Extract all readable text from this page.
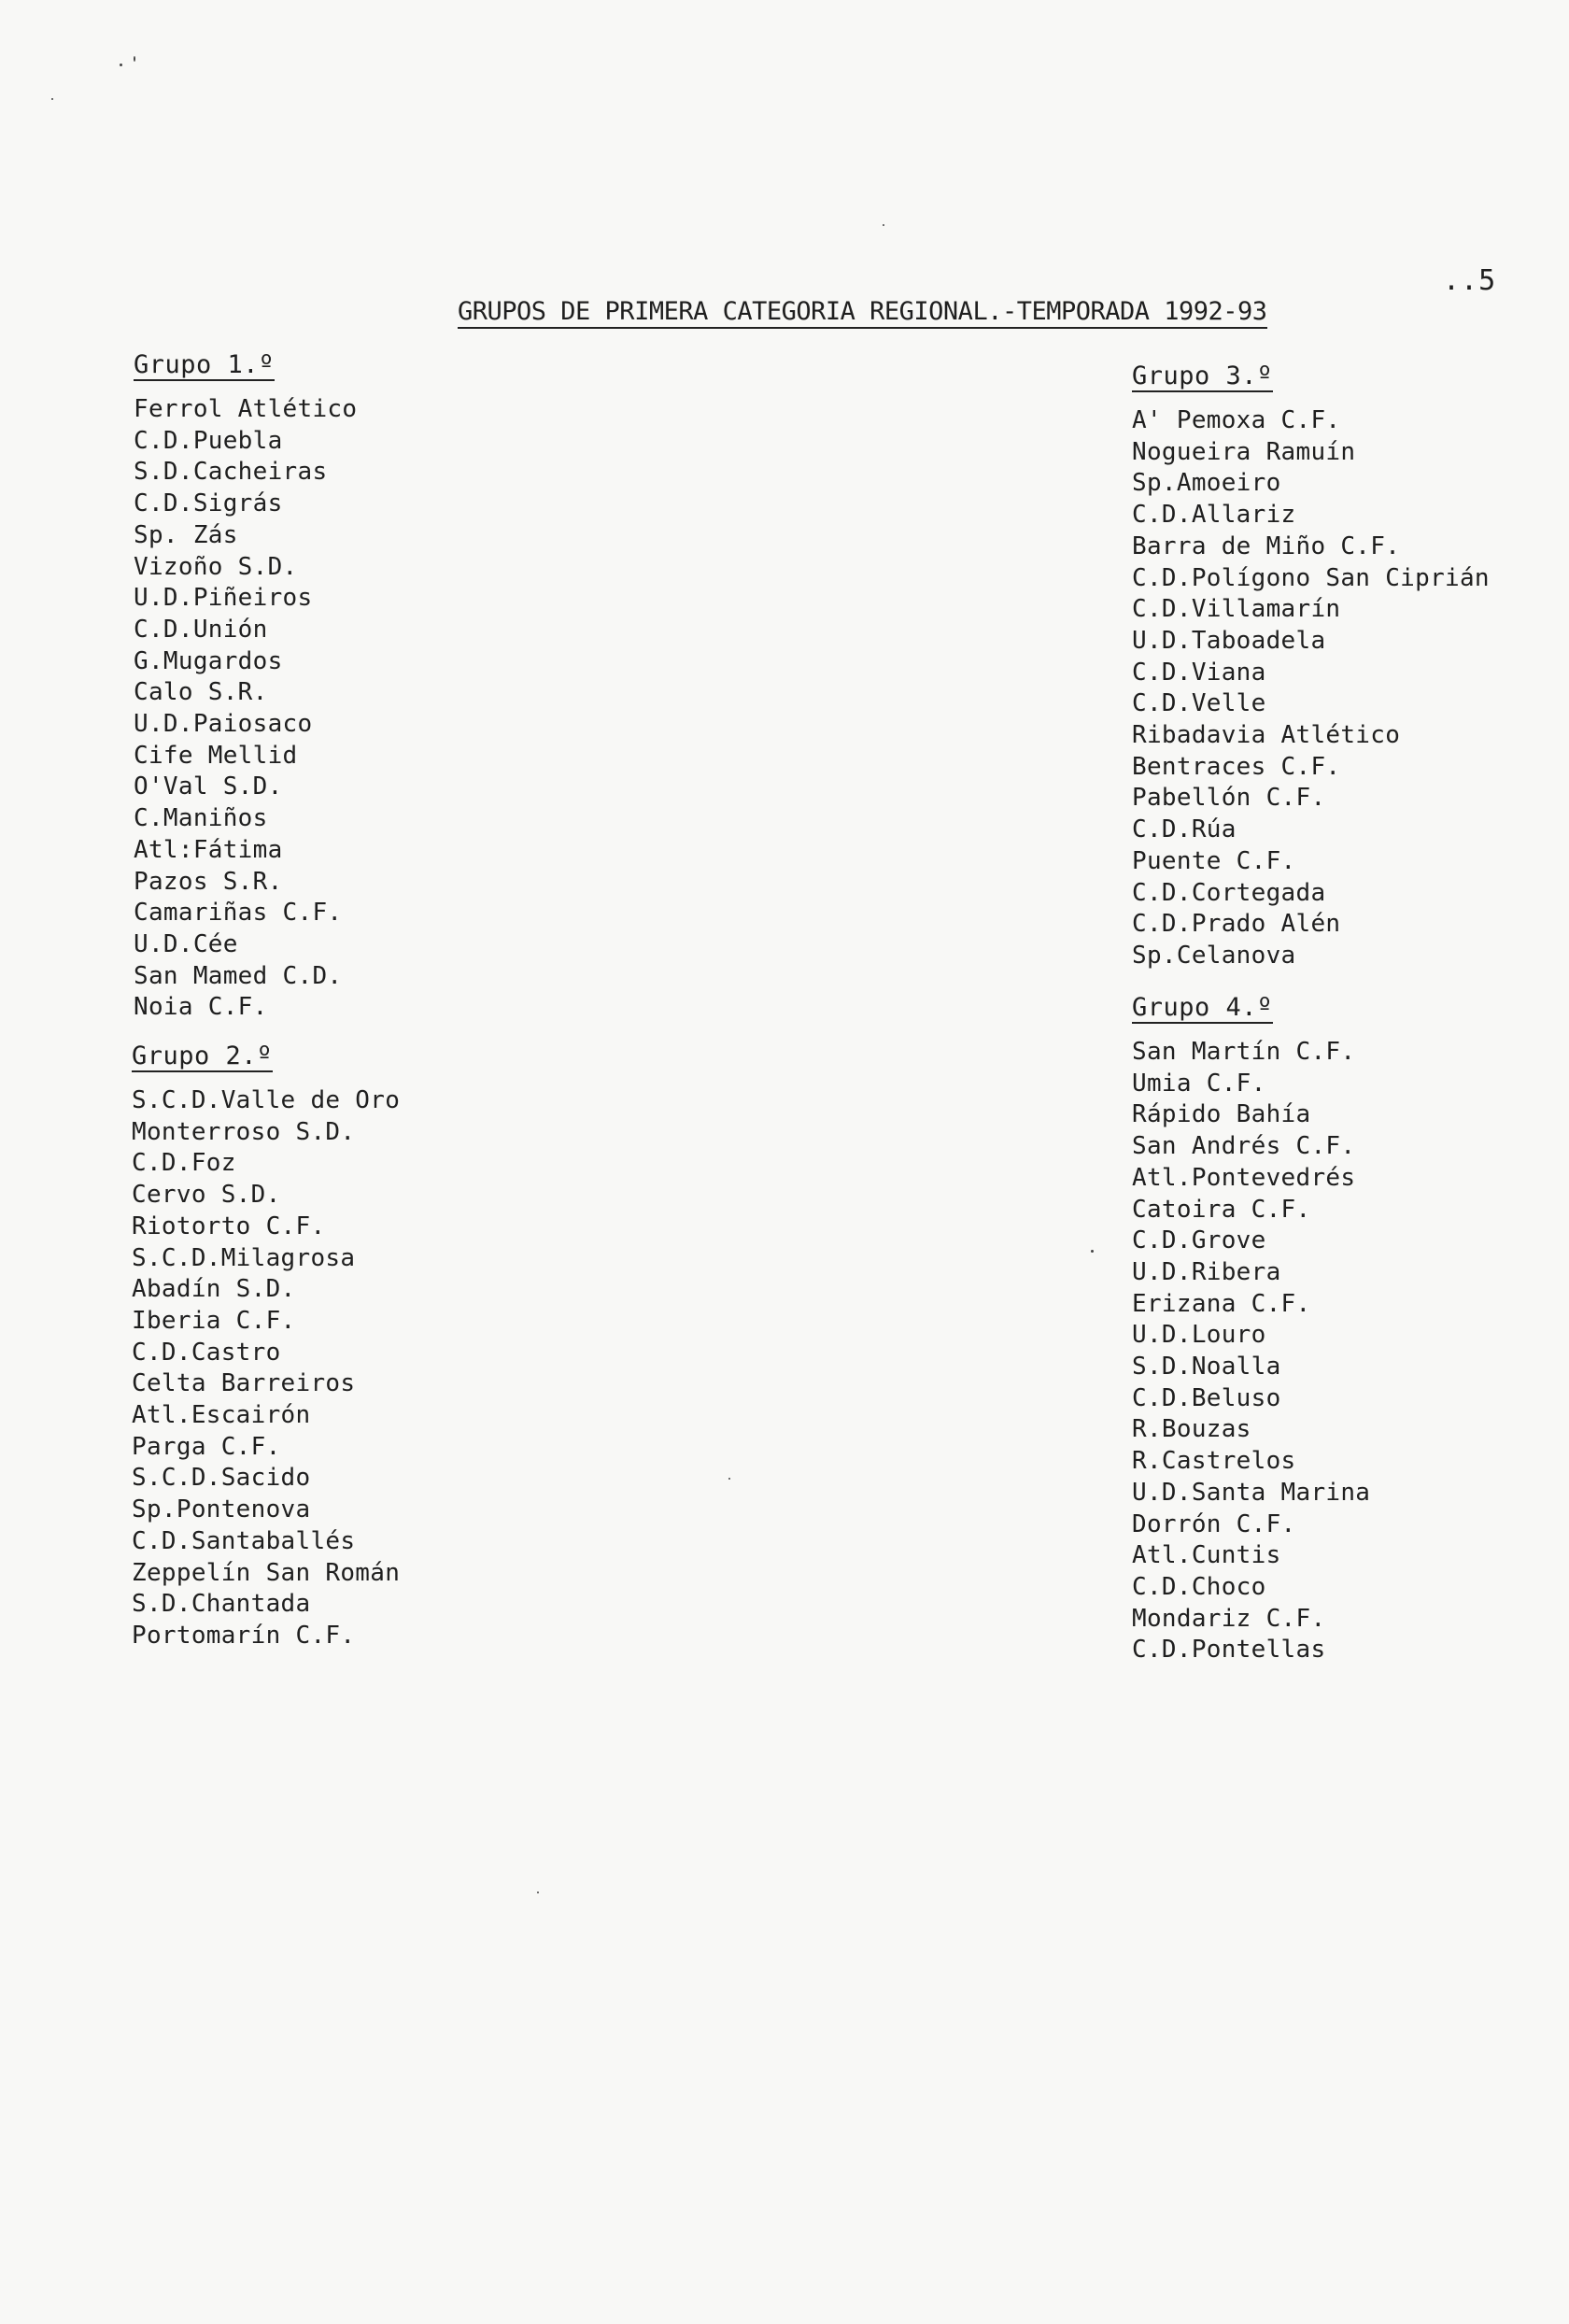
..5
GRUPOS DE PRIMERA CATEGORIA REGIONAL.-TEMPORADA 1992-93
Grupo 1.º
Ferrol Atlético
C.D.Puebla
S.D.Cacheiras
C.D.Sigrás
Sp. Zás
Vizoño S.D.
U.D.Piñeiros
C.D.Unión
G.Mugardos
Calo S.R.
U.D.Paiosaco
Cife Mellid
O'Val S.D.
C.Maniños
Atl:Fátima
Pazos S.R.
Camariñas C.F.
U.D.Cée
San Mamed C.D.
Noia C.F.
Grupo 2.º
S.C.D.Valle de Oro
Monterroso S.D.
C.D.Foz
Cervo S.D.
Riotorto C.F.
S.C.D.Milagrosa
Abadín S.D.
Iberia C.F.
C.D.Castro
Celta Barreiros
Atl.Escairón
Parga C.F.
S.C.D.Sacido
Sp.Pontenova
C.D.Santaballés
Zeppelín San Román
S.D.Chantada
Portomarín C.F.
Grupo 3.º
A' Pemoxa C.F.
Nogueira Ramuín
Sp.Amoeiro
C.D.Allariz
Barra de Miño C.F.
C.D.Polígono San Ciprián
C.D.Villamarín
U.D.Taboadela
C.D.Viana
C.D.Velle
Ribadavia Atlético
Bentraces C.F.
Pabellón C.F.
C.D.Rúa
Puente C.F.
C.D.Cortegada
C.D.Prado Alén
Sp.Celanova
Grupo 4.º
San Martín C.F.
Umia C.F.
Rápido Bahía
San Andrés C.F.
Atl.Pontevedrés
Catoira C.F.
C.D.Grove
U.D.Ribera
Erizana C.F.
U.D.Louro
S.D.Noalla
C.D.Beluso
R.Bouzas
R.Castrelos
U.D.Santa Marina
Dorrón C.F.
Atl.Cuntis
C.D.Choco
Mondariz C.F.
C.D.Pontellas
